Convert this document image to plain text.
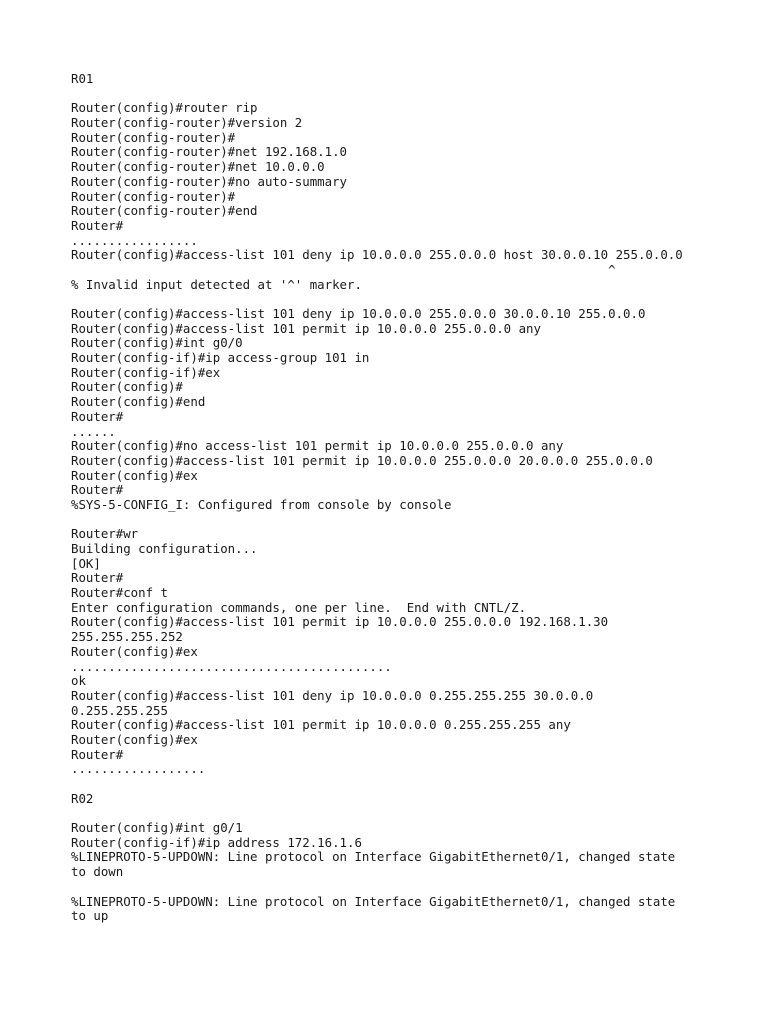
R01
Router(config)#router rip
Router(config-router)#version 2
Router(config-router)#
Router(config-router)#net 192.168.1.0
Router(config-router)#net 10.0.0.0
Router(config-router)#no auto-summary
Router(config-router)#
Router(config-router)#end
Router#
.................
Router(config)#access-list 101 deny ip 10.0.0.0 255.0.0.0 host 30.0.0.10 255.0.0.0
^
% Invalid input detected at '^' marker.
Router(config)#access-list 101 deny ip 10.0.0.0 255.0.0.0 30.0.0.10 255.0.0.0
Router(config)#access-list 101 permit ip 10.0.0.0 255.0.0.0 any
Router(config)#int g0/0
Router(config-if)#ip access-group 101 in
Router(config-if)#ex
Router(config)#
Router(config)#end
Router#
......
Router(config)#no access-list 101 permit ip 10.0.0.0 255.0.0.0 any
Router(config)#access-list 101 permit ip 10.0.0.0 255.0.0.0 20.0.0.0 255.0.0.0
Router(config)#ex
Router#
%SYS-5-CONFIG_I: Configured from console by console
Router#wr
Building configuration...
[OK]
Router#
Router#conf t
Enter configuration commands, one per line.  End with CNTL/Z.
Router(config)#access-list 101 permit ip 10.0.0.0 255.0.0.0 192.168.1.30
255.255.255.252
Router(config)#ex
...........................................
ok
Router(config)#access-list 101 deny ip 10.0.0.0 0.255.255.255 30.0.0.0
0.255.255.255
Router(config)#access-list 101 permit ip 10.0.0.0 0.255.255.255 any
Router(config)#ex
Router#
..................
R02
Router(config)#int g0/1
Router(config-if)#ip address 172.16.1.6
%LINEPROTO-5-UPDOWN: Line protocol on Interface GigabitEthernet0/1, changed state
to down
%LINEPROTO-5-UPDOWN: Line protocol on Interface GigabitEthernet0/1, changed state
to up
